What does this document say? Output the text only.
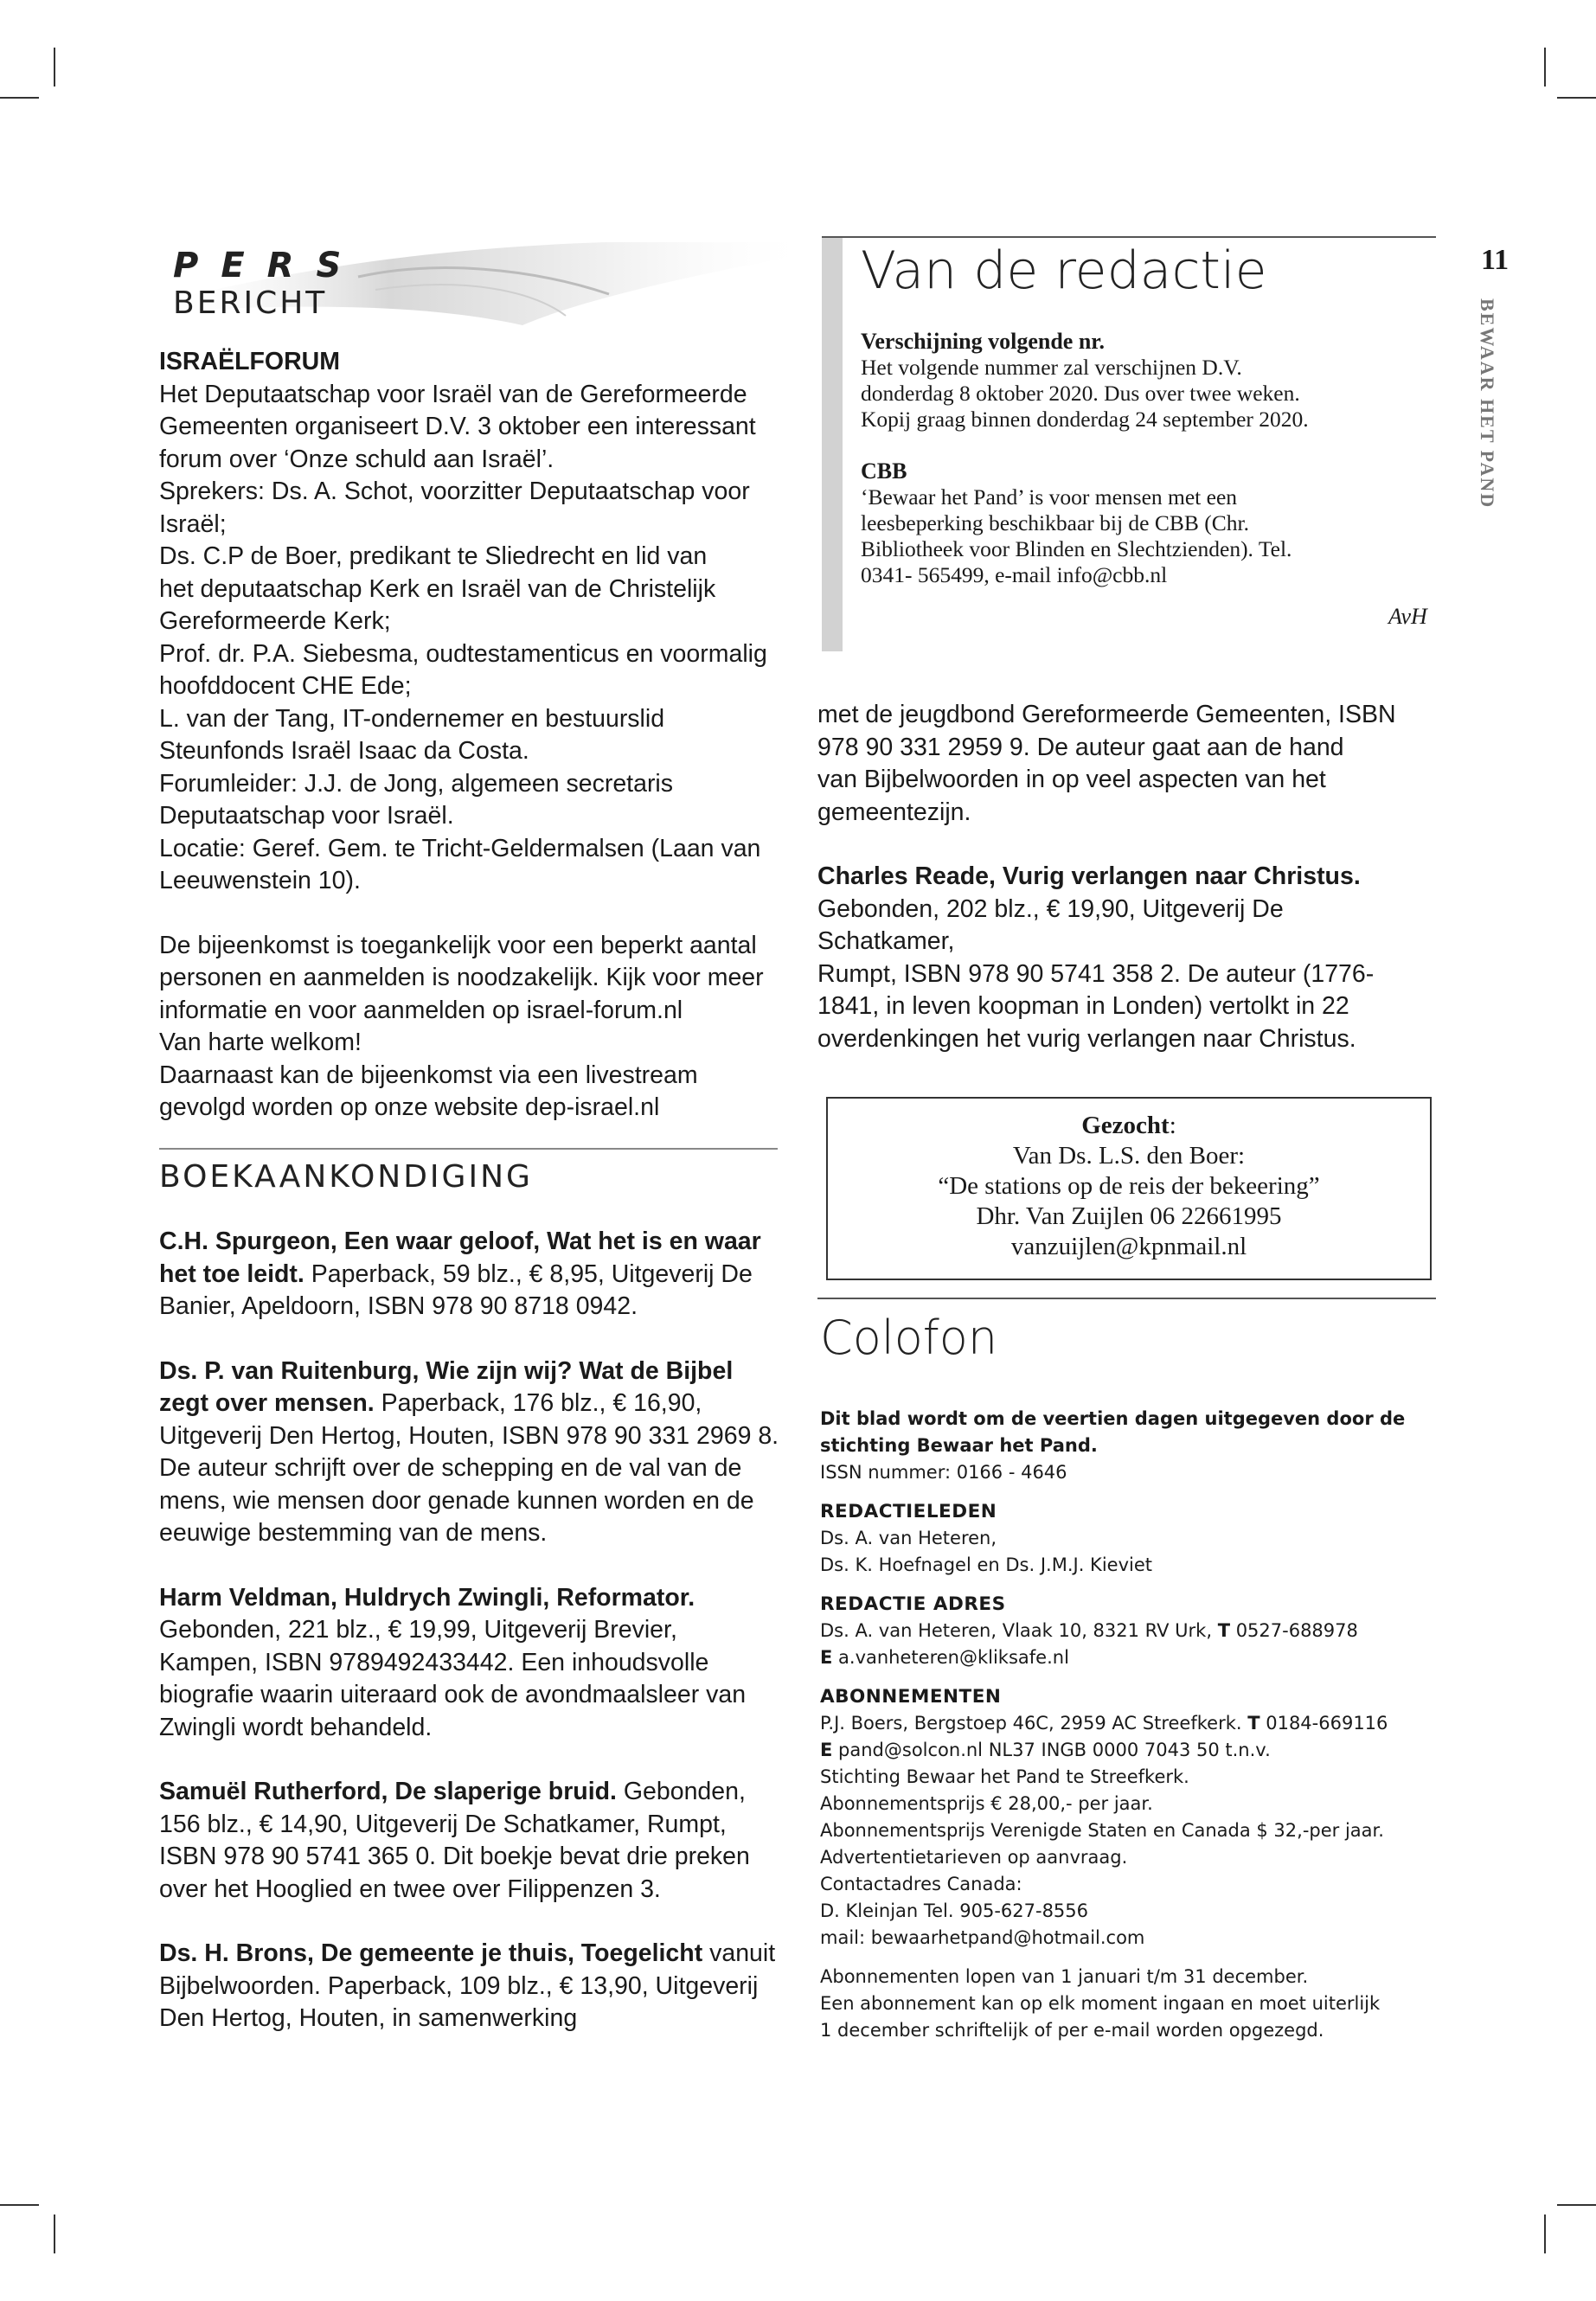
PERS
BERICHT

ISRAËLFORUM

Het Deputaatschap voor Israël van de Gereformeerde

Gemeenten organiseert D.V. 3 oktober een interessant

forum over ‘Onze schuld aan Israël’.

Sprekers: Ds. A. Schot, voorzitter Deputaatschap voor

Israël;

Ds. C.P de Boer, predikant te Sliedrecht en lid van

het deputaatschap Kerk en Israël van de Christelijk

Gereformeerde Kerk;

Prof. dr. P.A. Siebesma, oudtestamenticus en voormalig

hoofddocent CHE Ede;

L. van der Tang, IT-ondernemer en bestuurslid

Steunfonds Israël Isaac da Costa.

Forumleider: J.J. de Jong, algemeen secretaris

Deputaatschap voor Israël.

Locatie: Geref. Gem. te Tricht-Geldermalsen (Laan van

Leeuwenstein 10).

De bijeenkomst is toegankelijk voor een beperkt aantal

personen en aanmelden is noodzakelijk. Kijk voor meer

informatie en voor aanmelden op israel-forum.nl

Van harte welkom!

Daarnaast kan de bijeenkomst via een livestream

gevolgd worden op onze website dep-israel.nl

BOEKAANKONDIGING

C.H. Spurgeon, Een waar geloof, Wat het is en waar het toe leidt. Paperback, 59 blz., € 8,95, Uitgeverij De Banier, Apeldoorn, ISBN 978 90 8718 0942.

Ds. P. van Ruitenburg, Wie zijn wij? Wat de Bijbel zegt over mensen. Paperback, 176 blz., € 16,90, Uitgeverij Den Hertog, Houten, ISBN 978 90 331 2969 8. De auteur schrijft over de schepping en de val van de mens, wie mensen door genade kunnen worden en de eeuwige bestemming van de mens.

Harm Veldman, Huldrych Zwingli, Reformator. Gebonden, 221 blz., € 19,99, Uitgeverij Brevier, Kampen, ISBN 9789492433442. Een inhoudsvolle biografie waarin uiteraard ook de avondmaalsleer van Zwingli wordt behandeld.

Samuël Rutherford, De slaperige bruid. Gebonden, 156 blz., € 14,90, Uitgeverij De Schatkamer, Rumpt, ISBN 978 90 5741 365 0. Dit boekje bevat drie preken over het Hooglied en twee over Filippenzen 3.

Ds. H. Brons, De gemeente je thuis, Toegelicht vanuit Bijbelwoorden. Paperback, 109 blz., € 13,90, Uitgeverij Den Hertog, Houten, in samenwerking

Van de redactie

Verschijning volgende nr.

Het volgende nummer zal verschijnen D.V.

donderdag 8 oktober 2020. Dus over twee weken.

Kopij graag binnen donderdag 24 september 2020.

CBB

‘Bewaar het Pand’ is voor mensen met een

leesbeperking beschikbaar bij de CBB (Chr.

Bibliotheek voor Blinden en Slechtzienden). Tel.

0341- 565499, e-mail info@cbb.nl

AvH
11
BEWAAR HET PAND

met de jeugdbond Gereformeerde Gemeenten, ISBN

978 90 331 2959 9. De auteur gaat aan de hand

van Bijbelwoorden in op veel aspecten van het

gemeentezijn.

Charles Reade, Vurig verlangen naar Christus.

Gebonden, 202 blz., € 19,90, Uitgeverij De Schatkamer,

Rumpt, ISBN 978 90 5741 358 2. De auteur (1776-

1841, in leven koopman in Londen) vertolkt in 22

overdenkingen het vurig verlangen naar Christus.

Gezocht:
Van Ds. L.S. den Boer:
“De stations op de reis der bekeering”
Dhr. Van Zuijlen 06 22661995
vanzuijlen@kpnmail.nl
Colofon

Dit blad wordt om de veertien dagen uitgegeven door de stichting Bewaar het Pand.

ISSN nummer: 0166 - 4646

REDACTIELEDEN

Ds. A. van Heteren,

Ds. K. Hoefnagel en Ds. J.M.J. Kieviet

REDACTIE ADRES

Ds. A. van Heteren, Vlaak 10, 8321 RV Urk, T 0527-688978

E a.vanheteren@kliksafe.nl

ABONNEMENTEN

P.J. Boers, Bergstoep 46C, 2959 AC Streefkerk. T 0184-669116

E pand@solcon.nl NL37 INGB 0000 7043 50 t.n.v.

Stichting Bewaar het Pand te Streefkerk.

Abonnementsprijs € 28,00,- per jaar.

Abonnementsprijs Verenigde Staten en Canada $ 32,-per jaar.

Advertentietarieven op aanvraag.

Contactadres Canada:

D. Kleinjan Tel. 905-627-8556

mail: bewaarhetpand@hotmail.com

Abonnementen lopen van 1 januari t/m 31 december.

Een abonnement kan op elk moment ingaan en moet uiterlijk

1 december schriftelijk of per e-mail worden opgezegd.
